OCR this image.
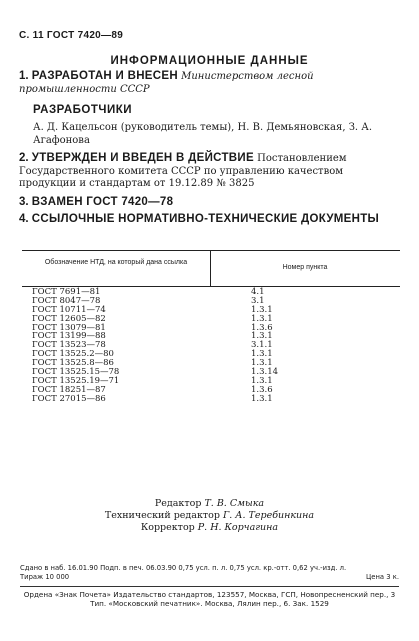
С. 11 ГОСТ 7420—89
ИНФОРМАЦИОННЫЕ ДАННЫЕ
1. РАЗРАБОТАН И ВНЕСЕН Министерством лесной промышленности СССР
РАЗРАБОТЧИКИ
А. Д. Кацельсон (руководитель темы), Н. В. Демьяновская, З. А. Агафонова
2. УТВЕРЖДЕН И ВВЕДЕН В ДЕЙСТВИЕ Постановлением Государственного комитета СССР по управлению качеством продукции и стандартам от 19.12.89 № 3825
3. ВЗАМЕН ГОСТ 7420—78
4. ССЫЛОЧНЫЕ НОРМАТИВНО-ТЕХНИЧЕСКИЕ ДОКУМЕНТЫ
Обозначение НТД, на который дана ссылка
Номер пункта
ГОСТ 7691—81	4.1
ГОСТ 8047—78	3.1
ГОСТ 10711—74	1.3.1
ГОСТ 12605—82	1.3.1
ГОСТ 13079—81	1.3.6
ГОСТ 13199—88	1.3.1
ГОСТ 13523—78	3.1.1
ГОСТ 13525.2—80	1.3.1
ГОСТ 13525.8—86	1.3.1
ГОСТ 13525.15—78	1.3.14
ГОСТ 13525.19—71	1.3.1
ГОСТ 18251—87	1.3.6
ГОСТ 27015—86	1.3.1
Редактор Т. В. Смыка
Технический редактор Г. А. Теребинкина
Корректор Р. Н. Корчагина
Сдано в наб. 16.01.90 Подп. в печ. 06.03.90 0,75 усл. п. л. 0,75 усл. кр.-отт. 0,62 уч.-изд. л.
Тираж 10 000	Цена 3 к.
Ордена «Знак Почета» Издательство стандартов, 123557, Москва, ГСП, Новопресненский пер., 3
Тип. «Московский печатник». Москва, Лялин пер., 6. Зак. 1529
